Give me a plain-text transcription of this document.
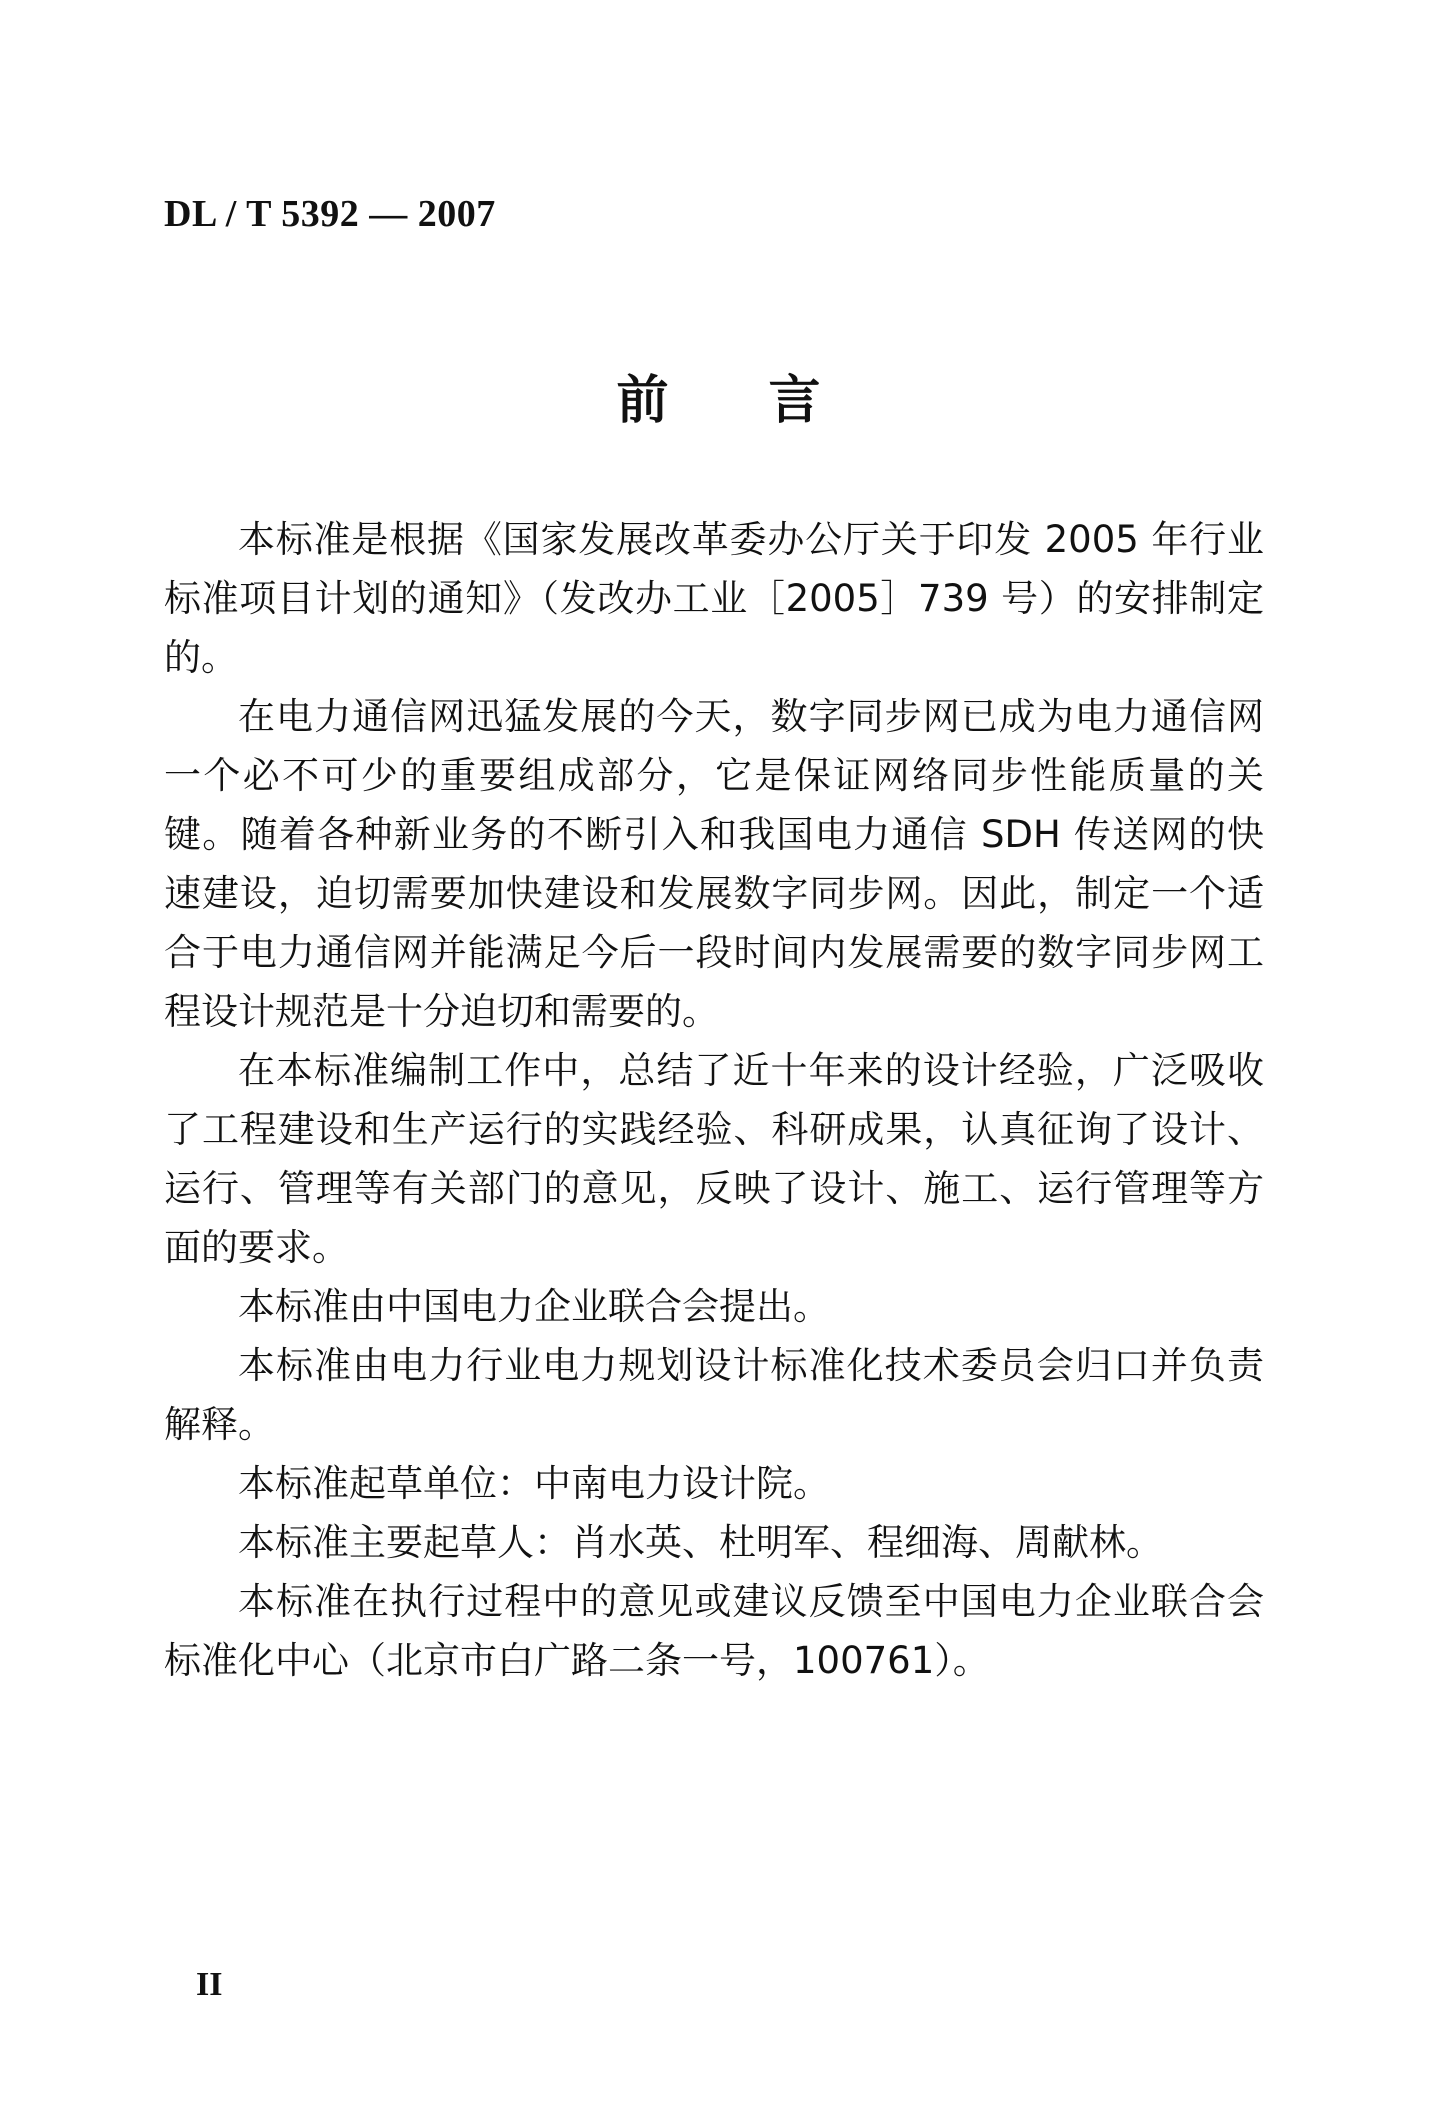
DL / T 5392 — 2007
前言

本标准是根据《国家发展改革委办公厅关于印发 2005 年行业标准项目计划的通知》（发改办工业［2005］739 号）的安排制定的。

在电力通信网迅猛发展的今天，数字同步网已成为电力通信网一个必不可少的重要组成部分，它是保证网络同步性能质量的关键。随着各种新业务的不断引入和我国电力通信 SDH 传送网的快速建设，迫切需要加快建设和发展数字同步网。因此，制定一个适合于电力通信网并能满足今后一段时间内发展需要的数字同步网工程设计规范是十分迫切和需要的。

在本标准编制工作中，总结了近十年来的设计经验，广泛吸收了工程建设和生产运行的实践经验、科研成果，认真征询了设计、运行、管理等有关部门的意见，反映了设计、施工、运行管理等方面的要求。

本标准由中国电力企业联合会提出。

本标准由电力行业电力规划设计标准化技术委员会归口并负责解释。

本标准起草单位：中南电力设计院。

本标准主要起草人：肖水英、杜明军、程细海、周献林。

本标准在执行过程中的意见或建议反馈至中国电力企业联合会标准化中心（北京市白广路二条一号，100761）。

II
